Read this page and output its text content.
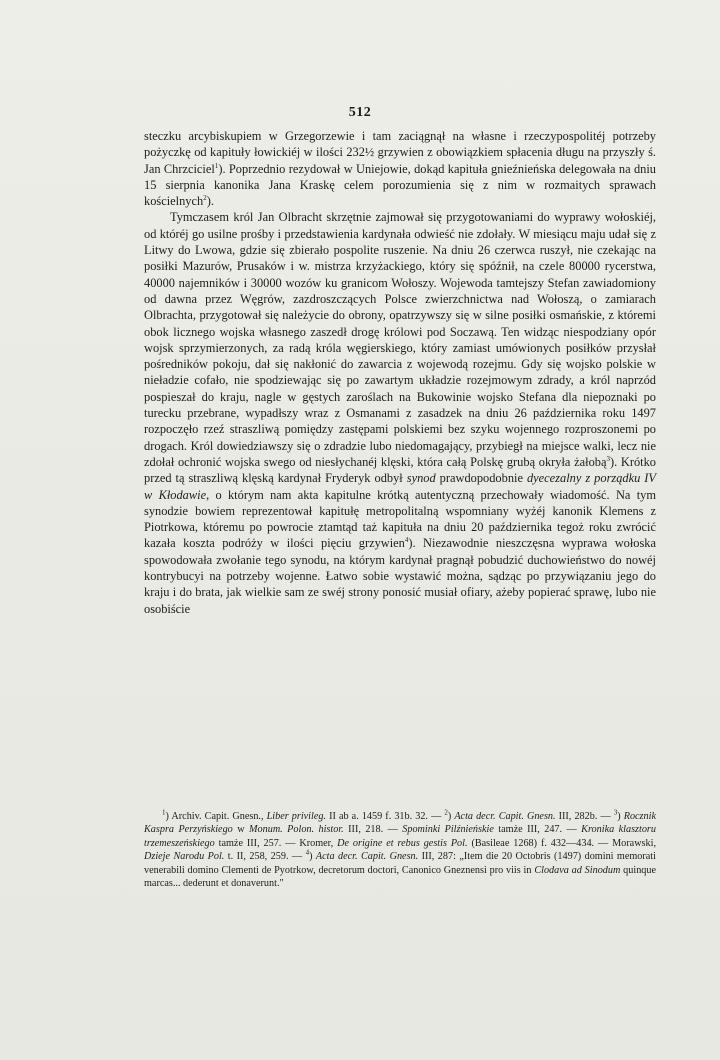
512

steczku arcybiskupiem w Grzegorzewie i tam zaciągnął na własne i rzeczypospolitéj potrzeby pożyczkę od kapituły łowickiéj w ilości 232½ grzywien z obowiązkiem spłacenia długu na przyszły ś. Jan Chrzciciel$^1$). Poprzednio rezydował w Uniejowie, dokąd kapituła gnieźnieńska delegowała na dniu 15 sierpnia kanonika Jana Kraskę celem porozumienia się z nim w rozmaitych sprawach kościelnych$^2$).

Tymczasem król Jan Olbracht skrzętnie zajmował się przygotowaniami do wyprawy wołoskiéj, od któréj go usilne prośby i przedstawienia kardynała odwieść nie zdołały. W miesiącu maju udał się z Litwy do Lwowa, gdzie się zbierało pospolite ruszenie. Na dniu 26 czerwca ruszył, nie czekając na posiłki Mazurów, Prusaków i w. mistrza krzyżackiego, który się spóźnił, na czele 80000 rycerstwa, 40000 najemników i 30000 wozów ku granicom Wołoszy. Wojewoda tamtejszy Stefan zawiadomiony od dawna przez Węgrów, zazdroszczących Polsce zwierzchnictwa nad Wołoszą, o zamiarach Olbrachta, przygotował się należycie do obrony, opatrzywszy się w silne posiłki osmańskie, z któremi obok licznego wojska własnego zaszedł drogę królowi pod Soczawą. Ten widząc niespodziany opór wojsk sprzymierzonych, za radą króla węgierskiego, który zamiast umówionych posiłków przysłał pośredników pokoju, dał się nakłonić do zawarcia z wojewodą rozejmu. Gdy się wojsko polskie w nieładzie cofało, nie spodziewając się po zawartym układzie rozejmowym zdrady, a król naprzód pospieszał do kraju, nagle w gęstych zaroślach na Bukowinie wojsko Stefana dla niepoznaki po turecku przebrane, wypadłszy wraz z Osmanami z zasadzek na dniu 26 października roku 1497 rozpoczęło rzeź straszliwą pomiędzy zastępami polskiemi bez szyku wojennego rozproszonemi po drogach. Król dowiedziawszy się o zdradzie lubo niedomagający, przybiegł na miejsce walki, lecz nie zdołał ochronić wojska swego od niesłychanéj klęski, która całą Polskę grubą okryła żałobą$^3$). Krótko przed tą straszliwą klęską kardynał Fryderyk odbył synod prawdopodobnie dyecezalny z porządku IV w Kłodawie, o którym nam akta kapitulne krótką autentyczną przechowały wiadomość. Na tym synodzie bowiem reprezentował kapitułę metropolitalną wspomniany wyżéj kanonik Klemens z Piotrkowa, któremu po powrocie ztamtąd taż kapituła na dniu 20 października tegoż roku zwrócić kazała koszta podróży w ilości pięciu grzywien$^4$). Niezawodnie nieszczęsna wyprawa wołoska spowodowała zwołanie tego synodu, na którym kardynał pragnął pobudzić duchowieństwo do nowéj kontrybucyi na potrzeby wojenne. Łatwo sobie wystawić można, sądząc po przywiązaniu jego do kraju i do brata, jak wielkie sam ze swéj strony ponosić musiał ofiary, ażeby popierać sprawę, lubo nie osobiście

$^1$) Archiv. Capit. Gnesn., Liber privileg. II ab a. 1459 f. 31b. 32. — $^2$) Acta decr. Capit. Gnesn. III, 282b. — $^3$) Rocznik Kaspra Perzyńskiego w Monum. Polon. histor. III, 218. — Spominki Pilźnieńskie tamże III, 247. — Kronika klasztoru trzemeszeńskiego tamże III, 257. — Kromer, De origine et rebus gestis Pol. (Basileae 1268) f. 432—434. — Morawski, Dzieje Narodu Pol. t. II, 258, 259. — $^4$) Acta decr. Capit. Gnesn. III, 287: „Item die 20 Octobris (1497) domini memorati venerabili domino Clementi de Pyotrkow, decretorum doctori, Canonico Gneznensi pro viis in Clodava ad Sinodum quinque marcas... dederunt et donaverunt."
